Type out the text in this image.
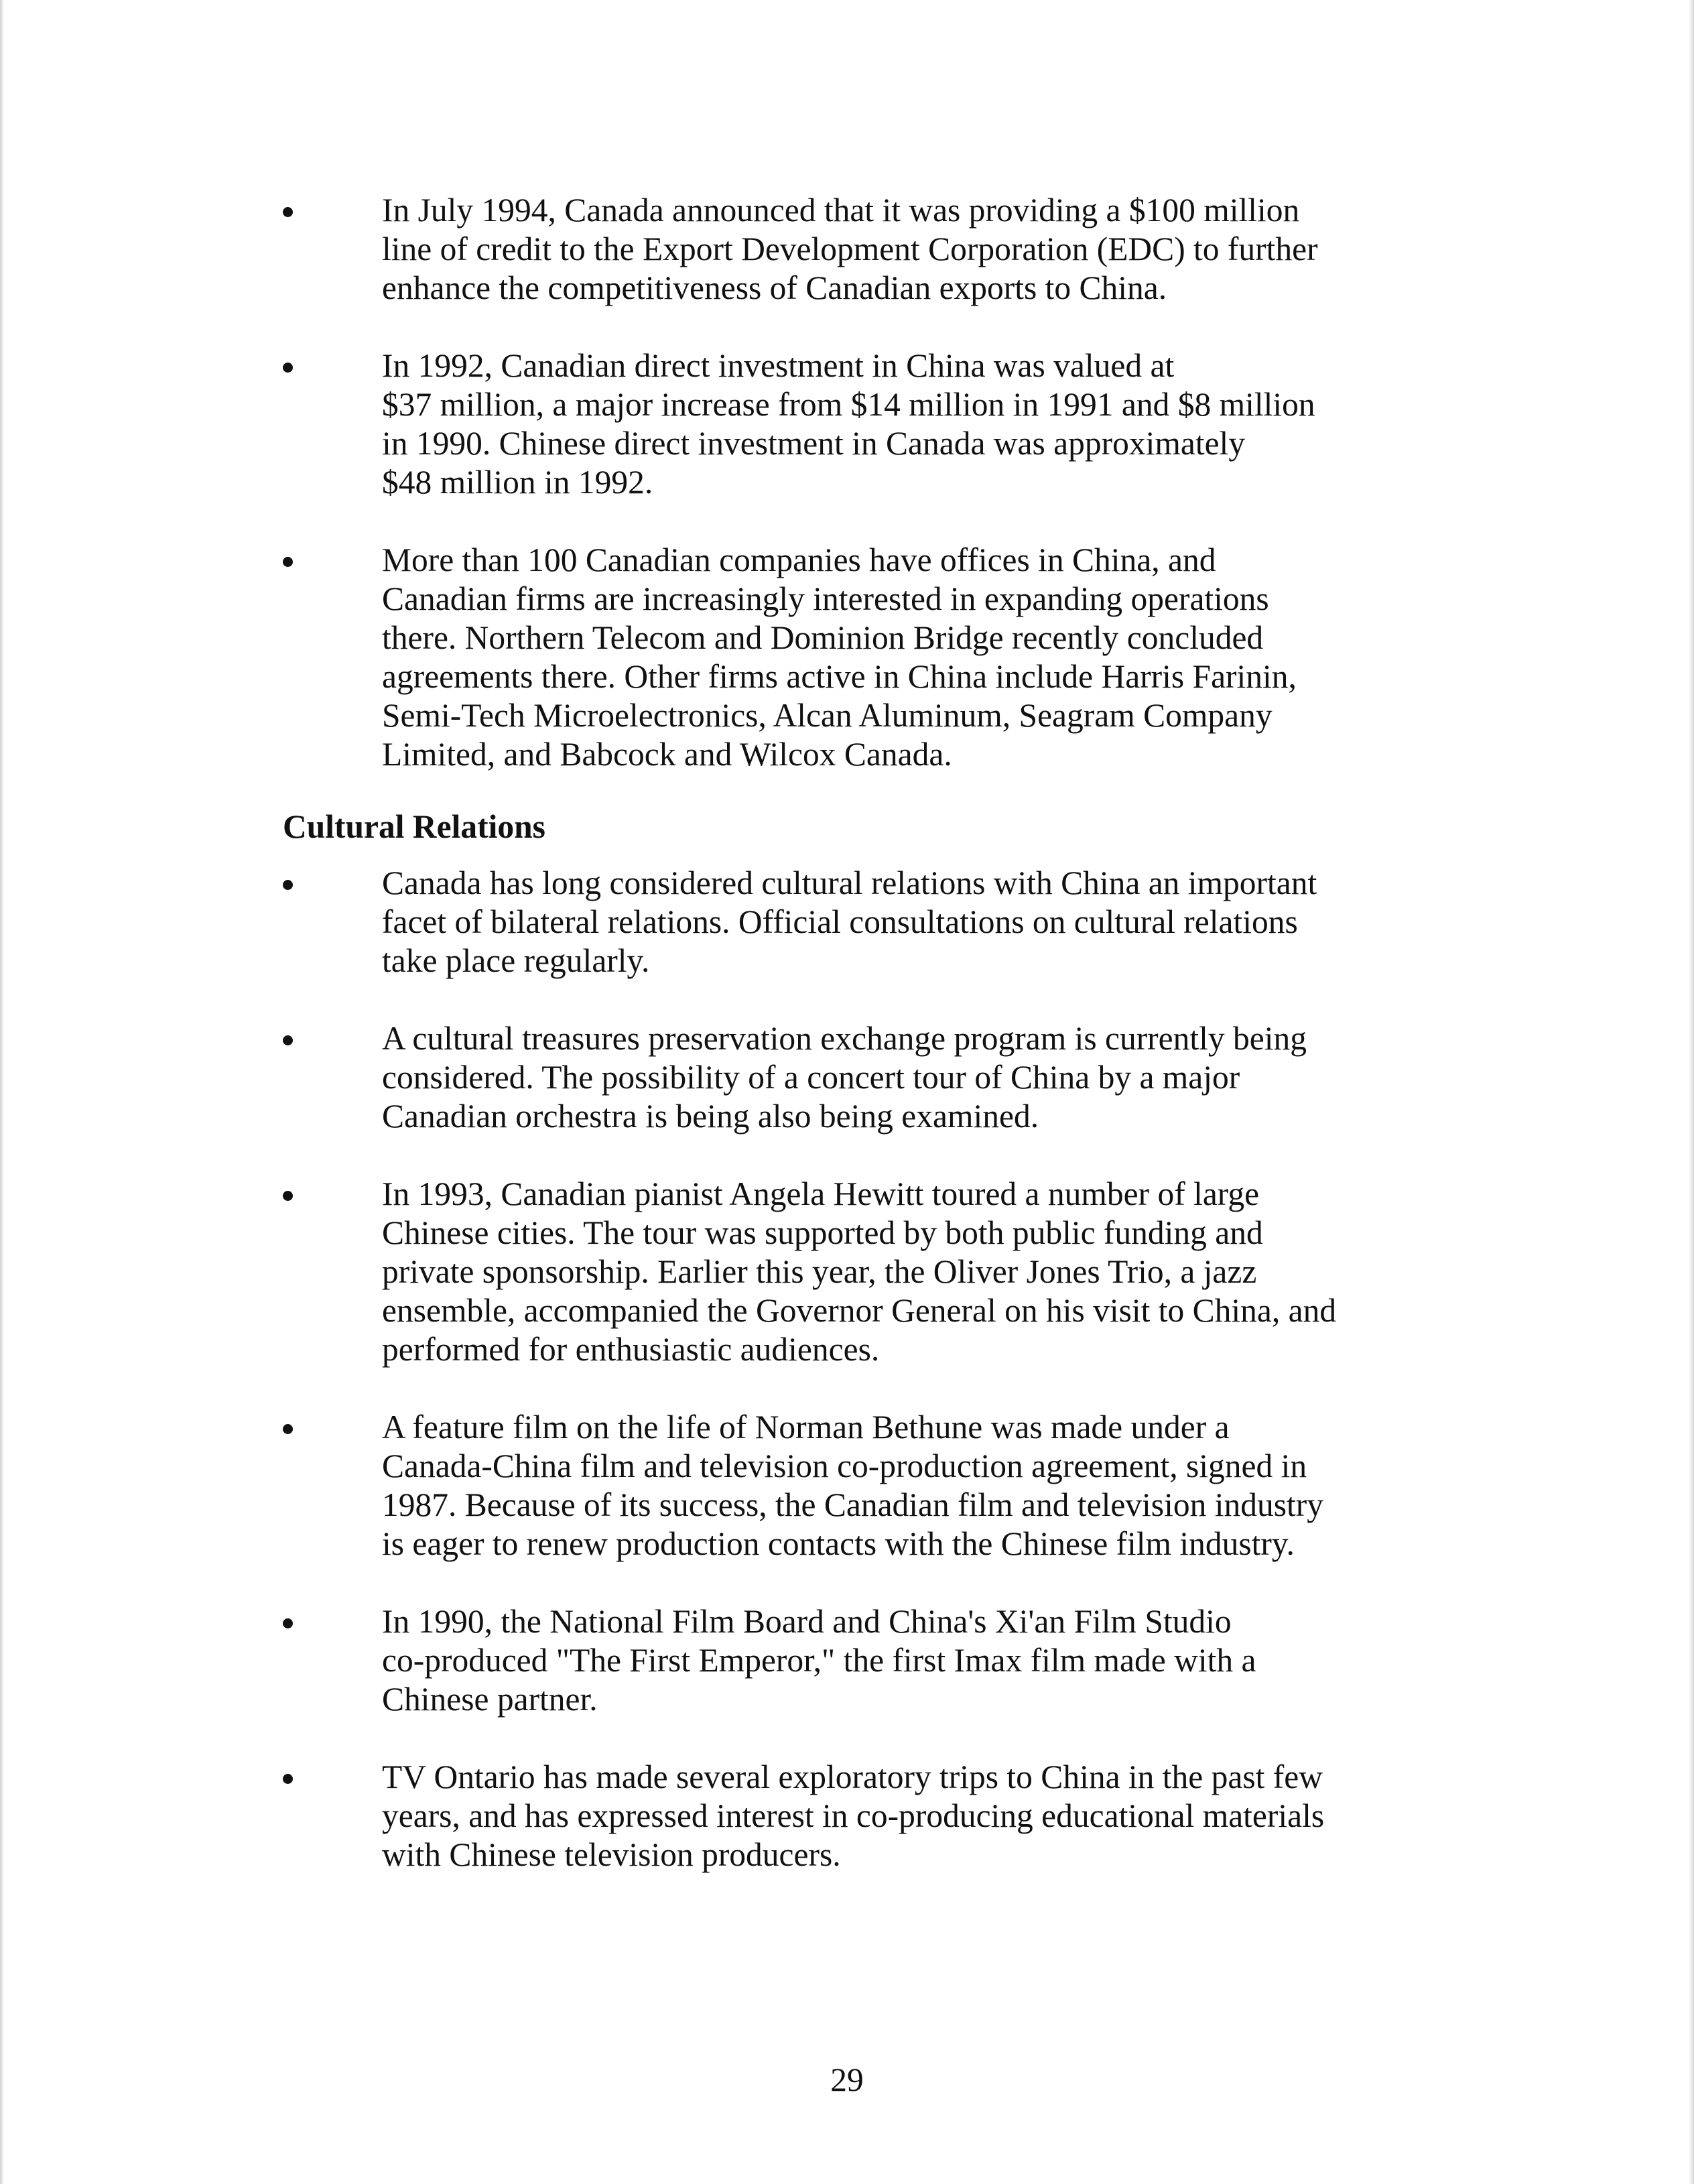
In July 1994, Canada announced that it was providing a $100 million
line of credit to the Export Development Corporation (EDC) to further
enhance the competitiveness of Canadian exports to China.
In 1992, Canadian direct investment in China was valued at
$37 million, a major increase from $14 million in 1991 and $8 million
in 1990. Chinese direct investment in Canada was approximately
$48 million in 1992.
More than 100 Canadian companies have offices in China, and
Canadian firms are increasingly interested in expanding operations
there. Northern Telecom and Dominion Bridge recently concluded
agreements there. Other firms active in China include Harris Farinin,
Semi-Tech Microelectronics, Alcan Aluminum, Seagram Company
Limited, and Babcock and Wilcox Canada.
Cultural Relations
Canada has long considered cultural relations with China an important
facet of bilateral relations. Official consultations on cultural relations
take place regularly.
A cultural treasures preservation exchange program is currently being
considered. The possibility of a concert tour of China by a major
Canadian orchestra is being also being examined.
In 1993, Canadian pianist Angela Hewitt toured a number of large
Chinese cities. The tour was supported by both public funding and
private sponsorship. Earlier this year, the Oliver Jones Trio, a jazz
ensemble, accompanied the Governor General on his visit to China, and
performed for enthusiastic audiences.
A feature film on the life of Norman Bethune was made under a
Canada-China film and television co-production agreement, signed in
1987. Because of its success, the Canadian film and television industry
is eager to renew production contacts with the Chinese film industry.
In 1990, the National Film Board and China's Xi'an Film Studio
co-produced "The First Emperor," the first Imax film made with a
Chinese partner.
TV Ontario has made several exploratory trips to China in the past few
years, and has expressed interest in co-producing educational materials
with Chinese television producers.
29
